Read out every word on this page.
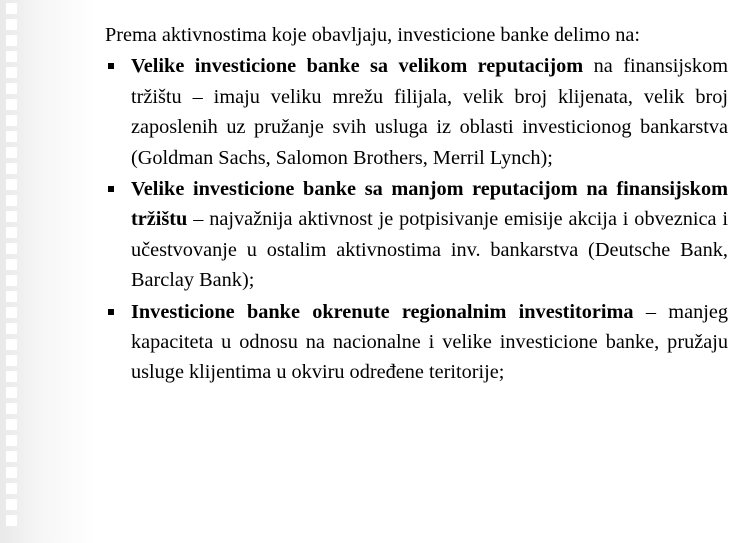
Prema aktivnostima koje obavljaju, investicione banke delimo na:

Velike investicione banke sa velikom reputacijom na finansijskom tržištu – imaju veliku mrežu filijala, velik broj klijenata, velik broj zaposlenih uz pružanje svih usluga iz oblasti investicionog bankarstva (Goldman Sachs, Salomon Brothers, Merril Lynch);
Velike investicione banke sa manjom reputacijom na finansijskom tržištu – najvažnija aktivnost je potpisivanje emisije akcija i obveznica i učestvovanje u ostalim aktivnostima inv. bankarstva (Deutsche Bank, Barclay Bank);
Investicione banke okrenute regionalnim investitorima – manjeg kapaciteta u odnosu na nacionalne i velike investicione banke, pružaju usluge klijentima u okviru određene teritorije;
